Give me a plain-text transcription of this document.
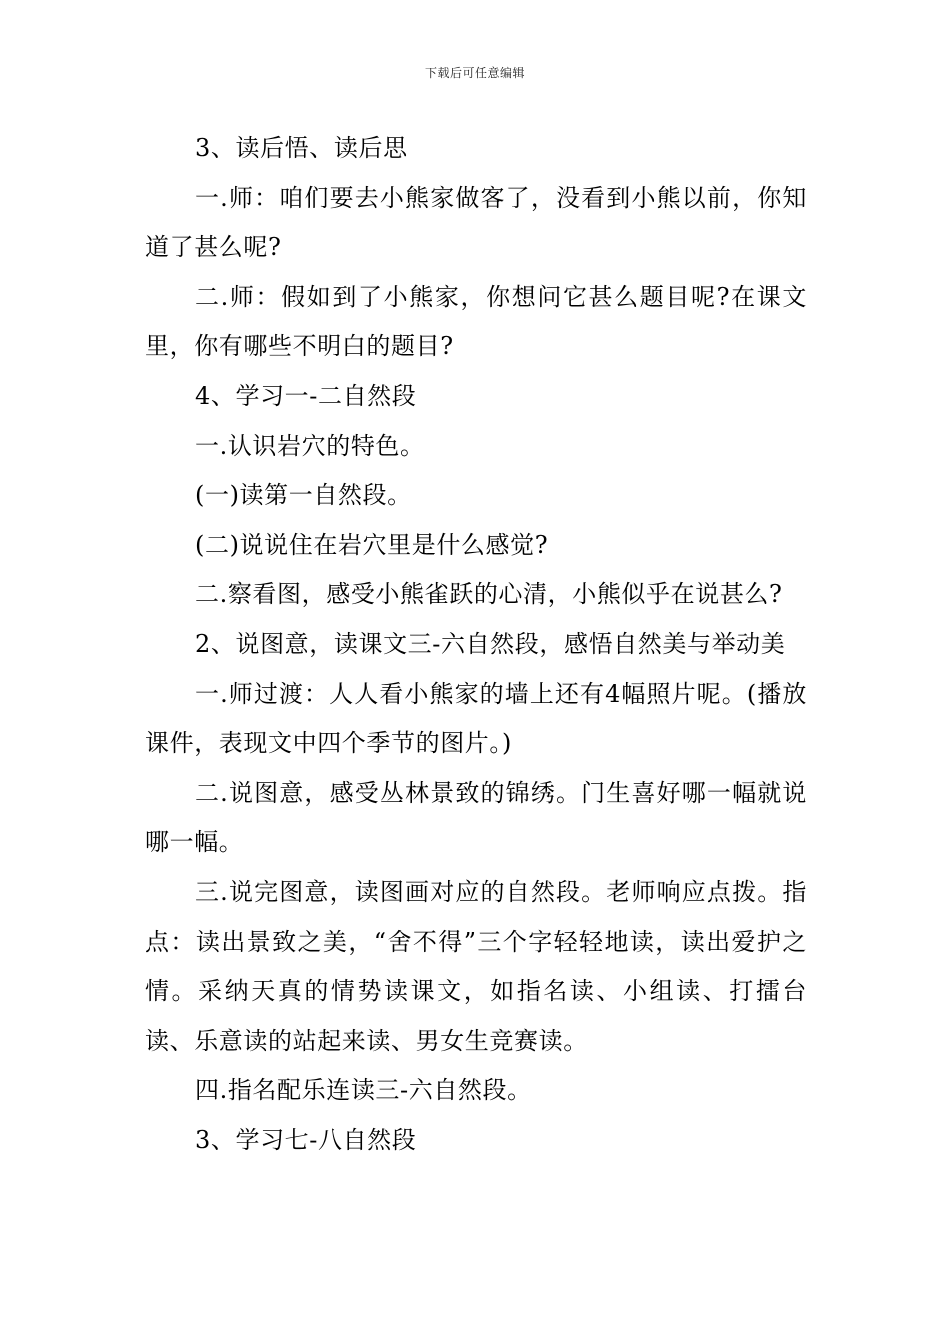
下载后可任意编辑

3、读后悟、读后思

一.师：咱们要去小熊家做客了，没看到小熊以前，你知道了甚么呢?

二.师：假如到了小熊家，你想问它甚么题目呢?在课文里，你有哪些不明白的题目?

4、学习一-二自然段

一.认识岩穴的特色。

(一)读第一自然段。

(二)说说住在岩穴里是什么感觉?

二.察看图，感受小熊雀跃的心清，小熊似乎在说甚么?

2、说图意，读课文三-六自然段，感悟自然美与举动美

一.师过渡：人人看小熊家的墙上还有4幅照片呢。(播放课件，表现文中四个季节的图片。)

二.说图意，感受丛林景致的锦绣。门生喜好哪一幅就说哪一幅。

三.说完图意，读图画对应的自然段。老师响应点拨。指点：读出景致之美，“舍不得”三个字轻轻地读，读出爱护之情。采纳天真的情势读课文，如指名读、小组读、打擂台读、乐意读的站起来读、男女生竞赛读。

四.指名配乐连读三-六自然段。

3、学习七-八自然段
